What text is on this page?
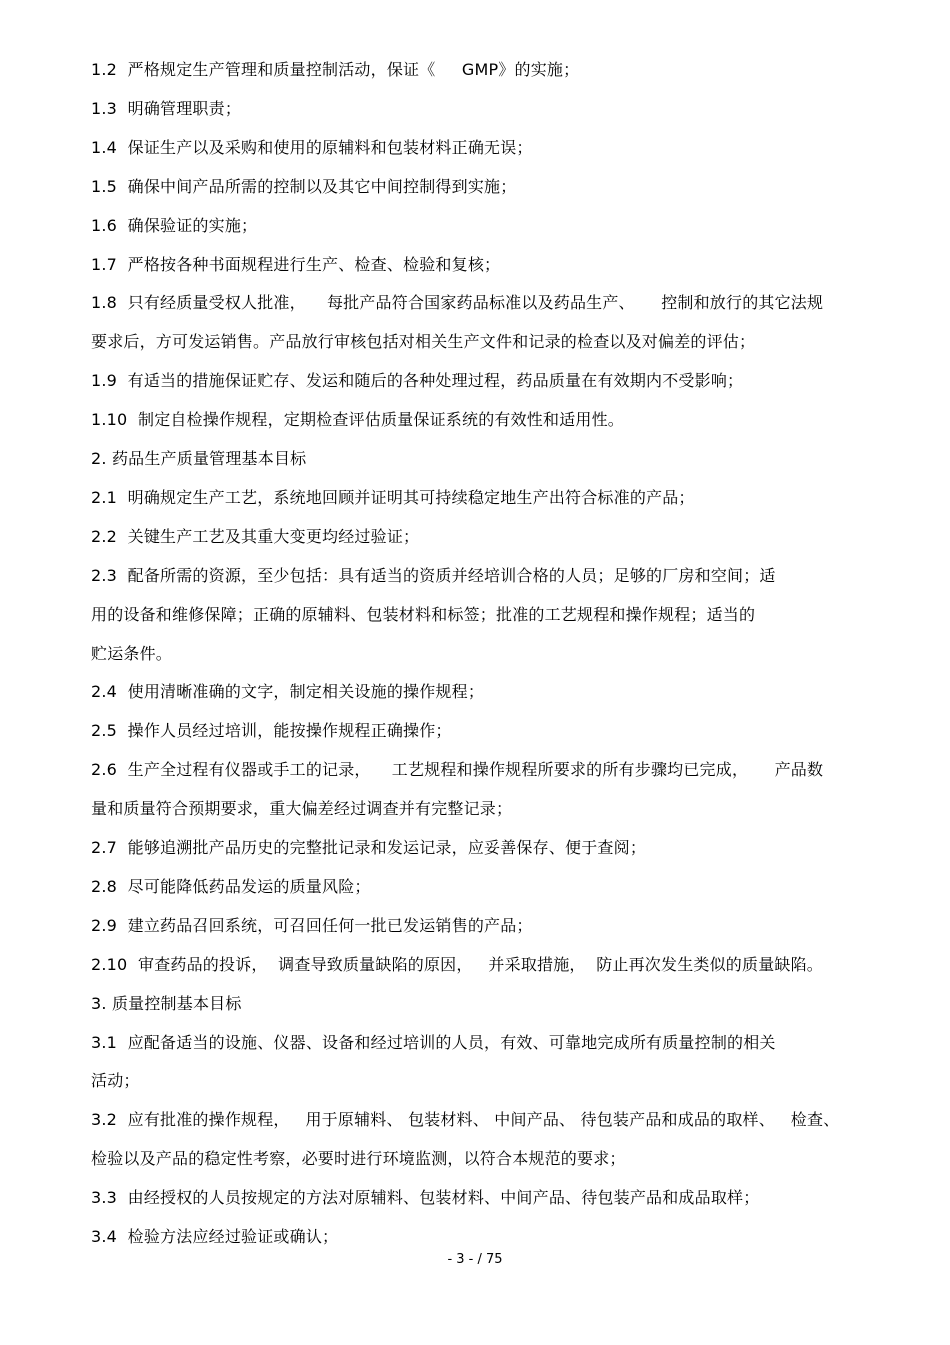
1.2  严格规定生产管理和质量控制活动，保证《     GMP》的实施；
1.3  明确管理职责；
1.4  保证生产以及采购和使用的原辅料和包装材料正确无误；
1.5  确保中间产品所需的控制以及其它中间控制得到实施；
1.6  确保验证的实施；
1.7  严格按各种书面规程进行生产、检查、检验和复核；
1.8  只有经质量受权人批准，    每批产品符合国家药品标准以及药品生产、     控制和放行的其它法规
要求后，方可发运销售。产品放行审核包括对相关生产文件和记录的检查以及对偏差的评估；
1.9  有适当的措施保证贮存、发运和随后的各种处理过程，药品质量在有效期内不受影响；
1.10  制定自检操作规程，定期检查评估质量保证系统的有效性和适用性。
2. 药品生产质量管理基本目标
2.1  明确规定生产工艺，系统地回顾并证明其可持续稳定地生产出符合标准的产品；
2.2  关键生产工艺及其重大变更均经过验证；
2.3  配备所需的资源，至少包括：具有适当的资质并经培训合格的人员；足够的厂房和空间；适
用的设备和维修保障；正确的原辅料、包装材料和标签；批准的工艺规程和操作规程；适当的
贮运条件。
2.4  使用清晰准确的文字，制定相关设施的操作规程；
2.5  操作人员经过培训，能按操作规程正确操作；
2.6  生产全过程有仪器或手工的记录，    工艺规程和操作规程所要求的所有步骤均已完成，     产品数
量和质量符合预期要求，重大偏差经过调查并有完整记录；
2.7  能够追溯批产品历史的完整批记录和发运记录，应妥善保存、便于查阅；
2.8  尽可能降低药品发运的质量风险；
2.9  建立药品召回系统，可召回任何一批已发运销售的产品；
2.10  审查药品的投诉，  调查导致质量缺陷的原因，   并采取措施，  防止再次发生类似的质量缺陷。
3. 质量控制基本目标
3.1  应配备适当的设施、仪器、设备和经过培训的人员，有效、可靠地完成所有质量控制的相关
活动；
3.2  应有批准的操作规程，   用于原辅料、 包装材料、 中间产品、 待包装产品和成品的取样、   检查、
检验以及产品的稳定性考察，必要时进行环境监测，以符合本规范的要求；
3.3  由经授权的人员按规定的方法对原辅料、包装材料、中间产品、待包装产品和成品取样；
3.4  检验方法应经过验证或确认；
- 3 - / 75
